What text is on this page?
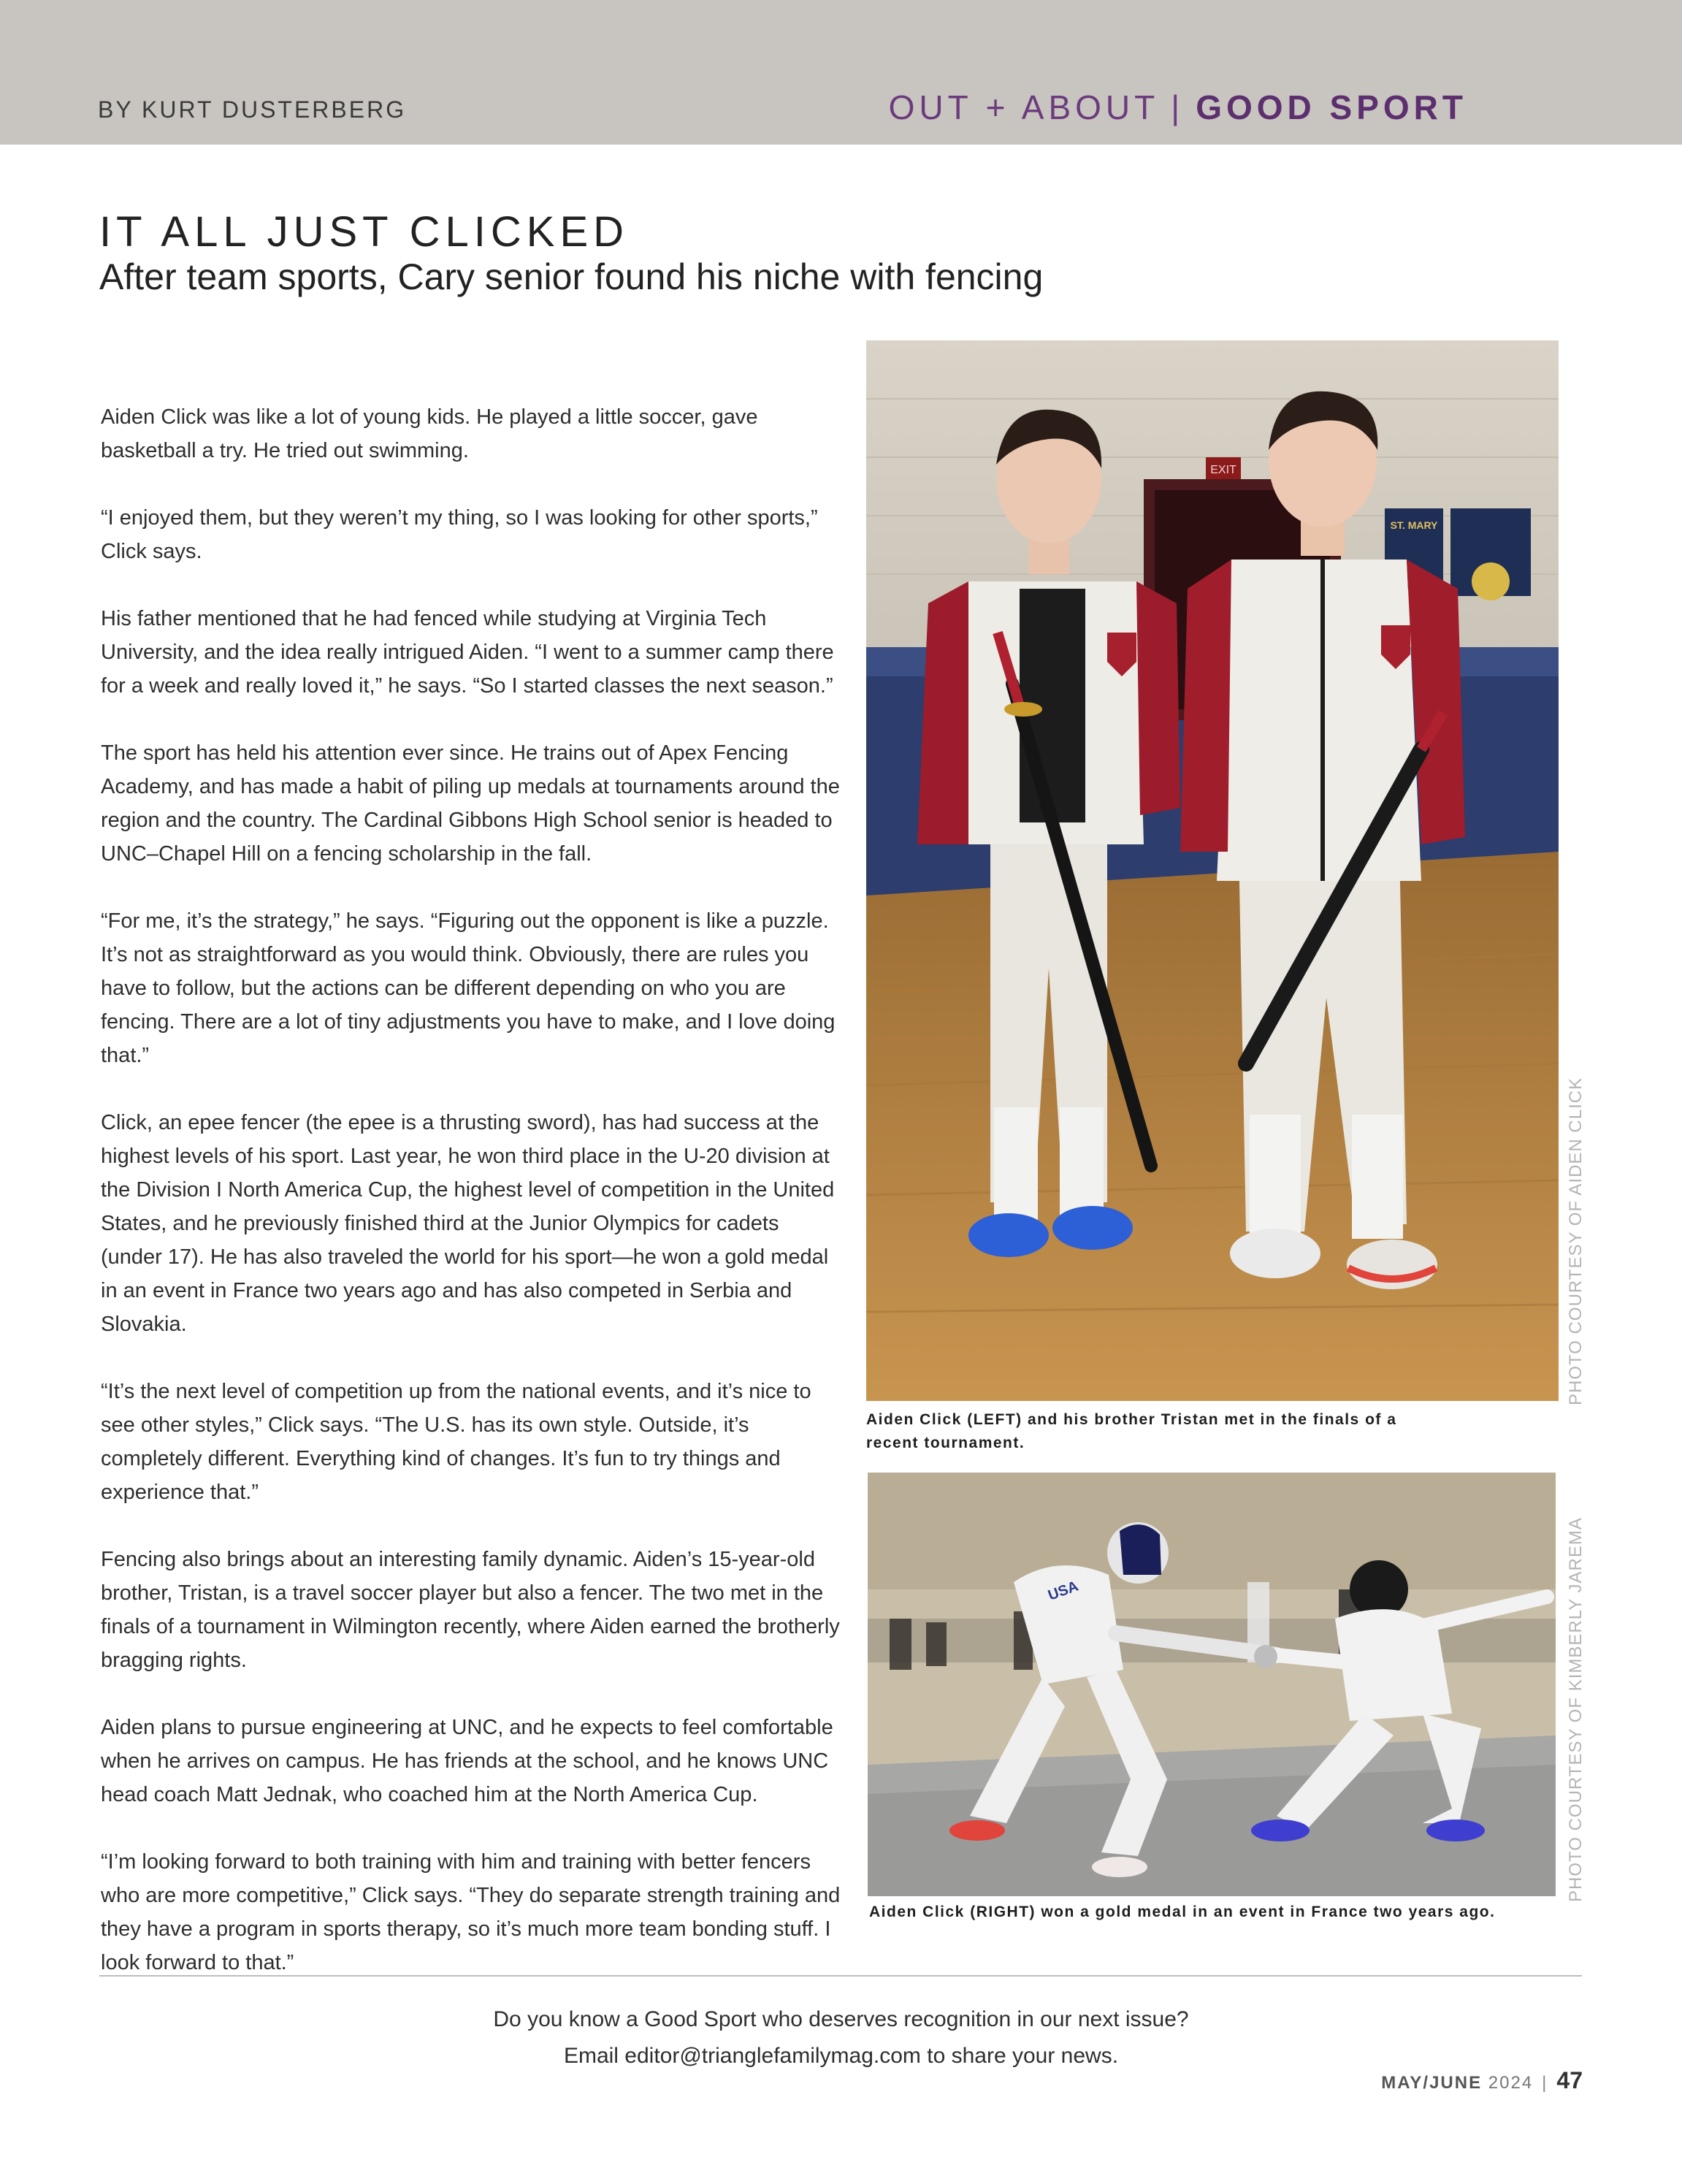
BY KURT DUSTERBERG	OUT + ABOUT | GOOD SPORT
IT ALL JUST CLICKED
After team sports, Cary senior found his niche with fencing

Aiden Click was like a lot of young kids. He played a little soccer, gave basketball a try. He tried out swimming.

“I enjoyed them, but they weren’t my thing, so I was looking for other sports,” Click says.

His father mentioned that he had fenced while studying at Virginia Tech University, and the idea really intrigued Aiden. “I went to a summer camp there for a week and really loved it,” he says. “So I started classes the next season.”

The sport has held his attention ever since. He trains out of Apex Fencing Academy, and has made a habit of piling up medals at tournaments around the region and the country. The Cardinal Gibbons High School senior is headed to UNC–Chapel Hill on a fencing scholarship in the fall.

“For me, it’s the strategy,” he says. “Figuring out the opponent is like a puzzle. It’s not as straightforward as you would think. Obviously, there are rules you have to follow, but the actions can be different depending on who you are fencing. There are a lot of tiny adjustments you have to make, and I love doing that.”

Click, an epee fencer (the epee is a thrusting sword), has had success at the highest levels of his sport. Last year, he won third place in the U-20 division at the Division I North America Cup, the highest level of competition in the United States, and he previously finished third at the Junior Olympics for cadets (under 17). He has also traveled the world for his sport—he won a gold medal in an event in France two years ago and has also competed in Serbia and Slovakia.

“It’s the next level of competition up from the national events, and it’s nice to see other styles,” Click says. “The U.S. has its own style. Outside, it’s completely different. Everything kind of changes. It’s fun to try things and experience that.”

Fencing also brings about an interesting family dynamic. Aiden’s 15-year-old brother, Tristan, is a travel soccer player but also a fencer. The two met in the finals of a tournament in Wilmington recently, where Aiden earned the brotherly bragging rights.

Aiden plans to pursue engineering at UNC, and he expects to feel comfortable when he arrives on campus. He has friends at the school, and he knows UNC head coach Matt Jednak, who coached him at the North America Cup.

“I’m looking forward to both training with him and training with better fencers who are more competitive,” Click says. “They do separate strength training and they have a program in sports therapy, so it’s much more team bonding stuff. I look forward to that.”

EXIT
ST. MARY
PHOTO COURTESY OF AIDEN CLICK
Aiden Click (LEFT) and his brother Tristan met in the finals of a recent tournament.
USA	PHOTO COURTESY OF KIMBERLY JAREMA
Aiden Click (RIGHT) won a gold medal in an event in France two years ago.
Do you know a Good Sport who deserves recognition in our next issue?
Email editor@trianglefamilymag.com to share your news.
MAY/JUNE 2024 | 47
